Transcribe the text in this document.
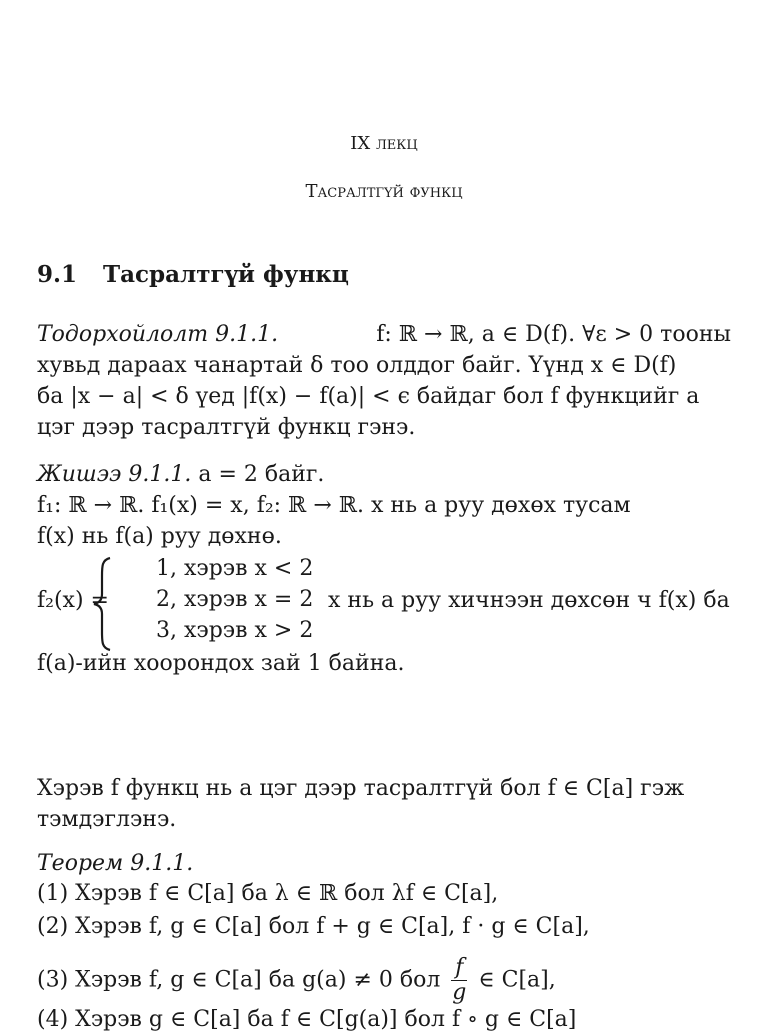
IX лекц
Тасралтгүй функц
9.1 Тасралтгүй функц
Тодорхойлолт 9.1.1.	f: ℝ → ℝ, a ∈ D(f). ∀ε > 0 тооны
хувьд дараах чанартай δ тоо олддог байг. Үүнд x ∈ D(f)
ба |x − a| < δ үед |f(x) − f(a)| < ϵ байдаг бол f функцийг a
цэг дээр тасралтгүй функц гэнэ.
Жишээ 9.1.1. a = 2 байг.
f₁: ℝ → ℝ. f₁(x) = x, f₂: ℝ → ℝ. x нь a руу дөхөх тусам
f(x) нь f(a) руу дөхнө.
f₂(x) =
1, хэрэв x < 2
2, хэрэв x = 2
3, хэрэв x > 2
x нь a руу хичнээн дөхсөн ч f(x) ба
f(a)-ийн хоорондох зай 1 байна.
Хэрэв f функц нь a цэг дээр тасралтгүй бол f ∈ C[a] гэж
тэмдэглэнэ.
Теорем 9.1.1.
(1) Хэрэв f ∈ C[a] ба λ ∈ ℝ бол λf ∈ C[a],
(2) Хэрэв f, g ∈ C[a] бол f + g ∈ C[a], f · g ∈ C[a],
(3) Хэрэв f, g ∈ C[a] ба g(a) ≠ 0 бол $\frac{f}{g}$ ∈ C[a],
(4) Хэрэв g ∈ C[a] ба f ∈ C[g(a)] бол f ∘ g ∈ C[a]
